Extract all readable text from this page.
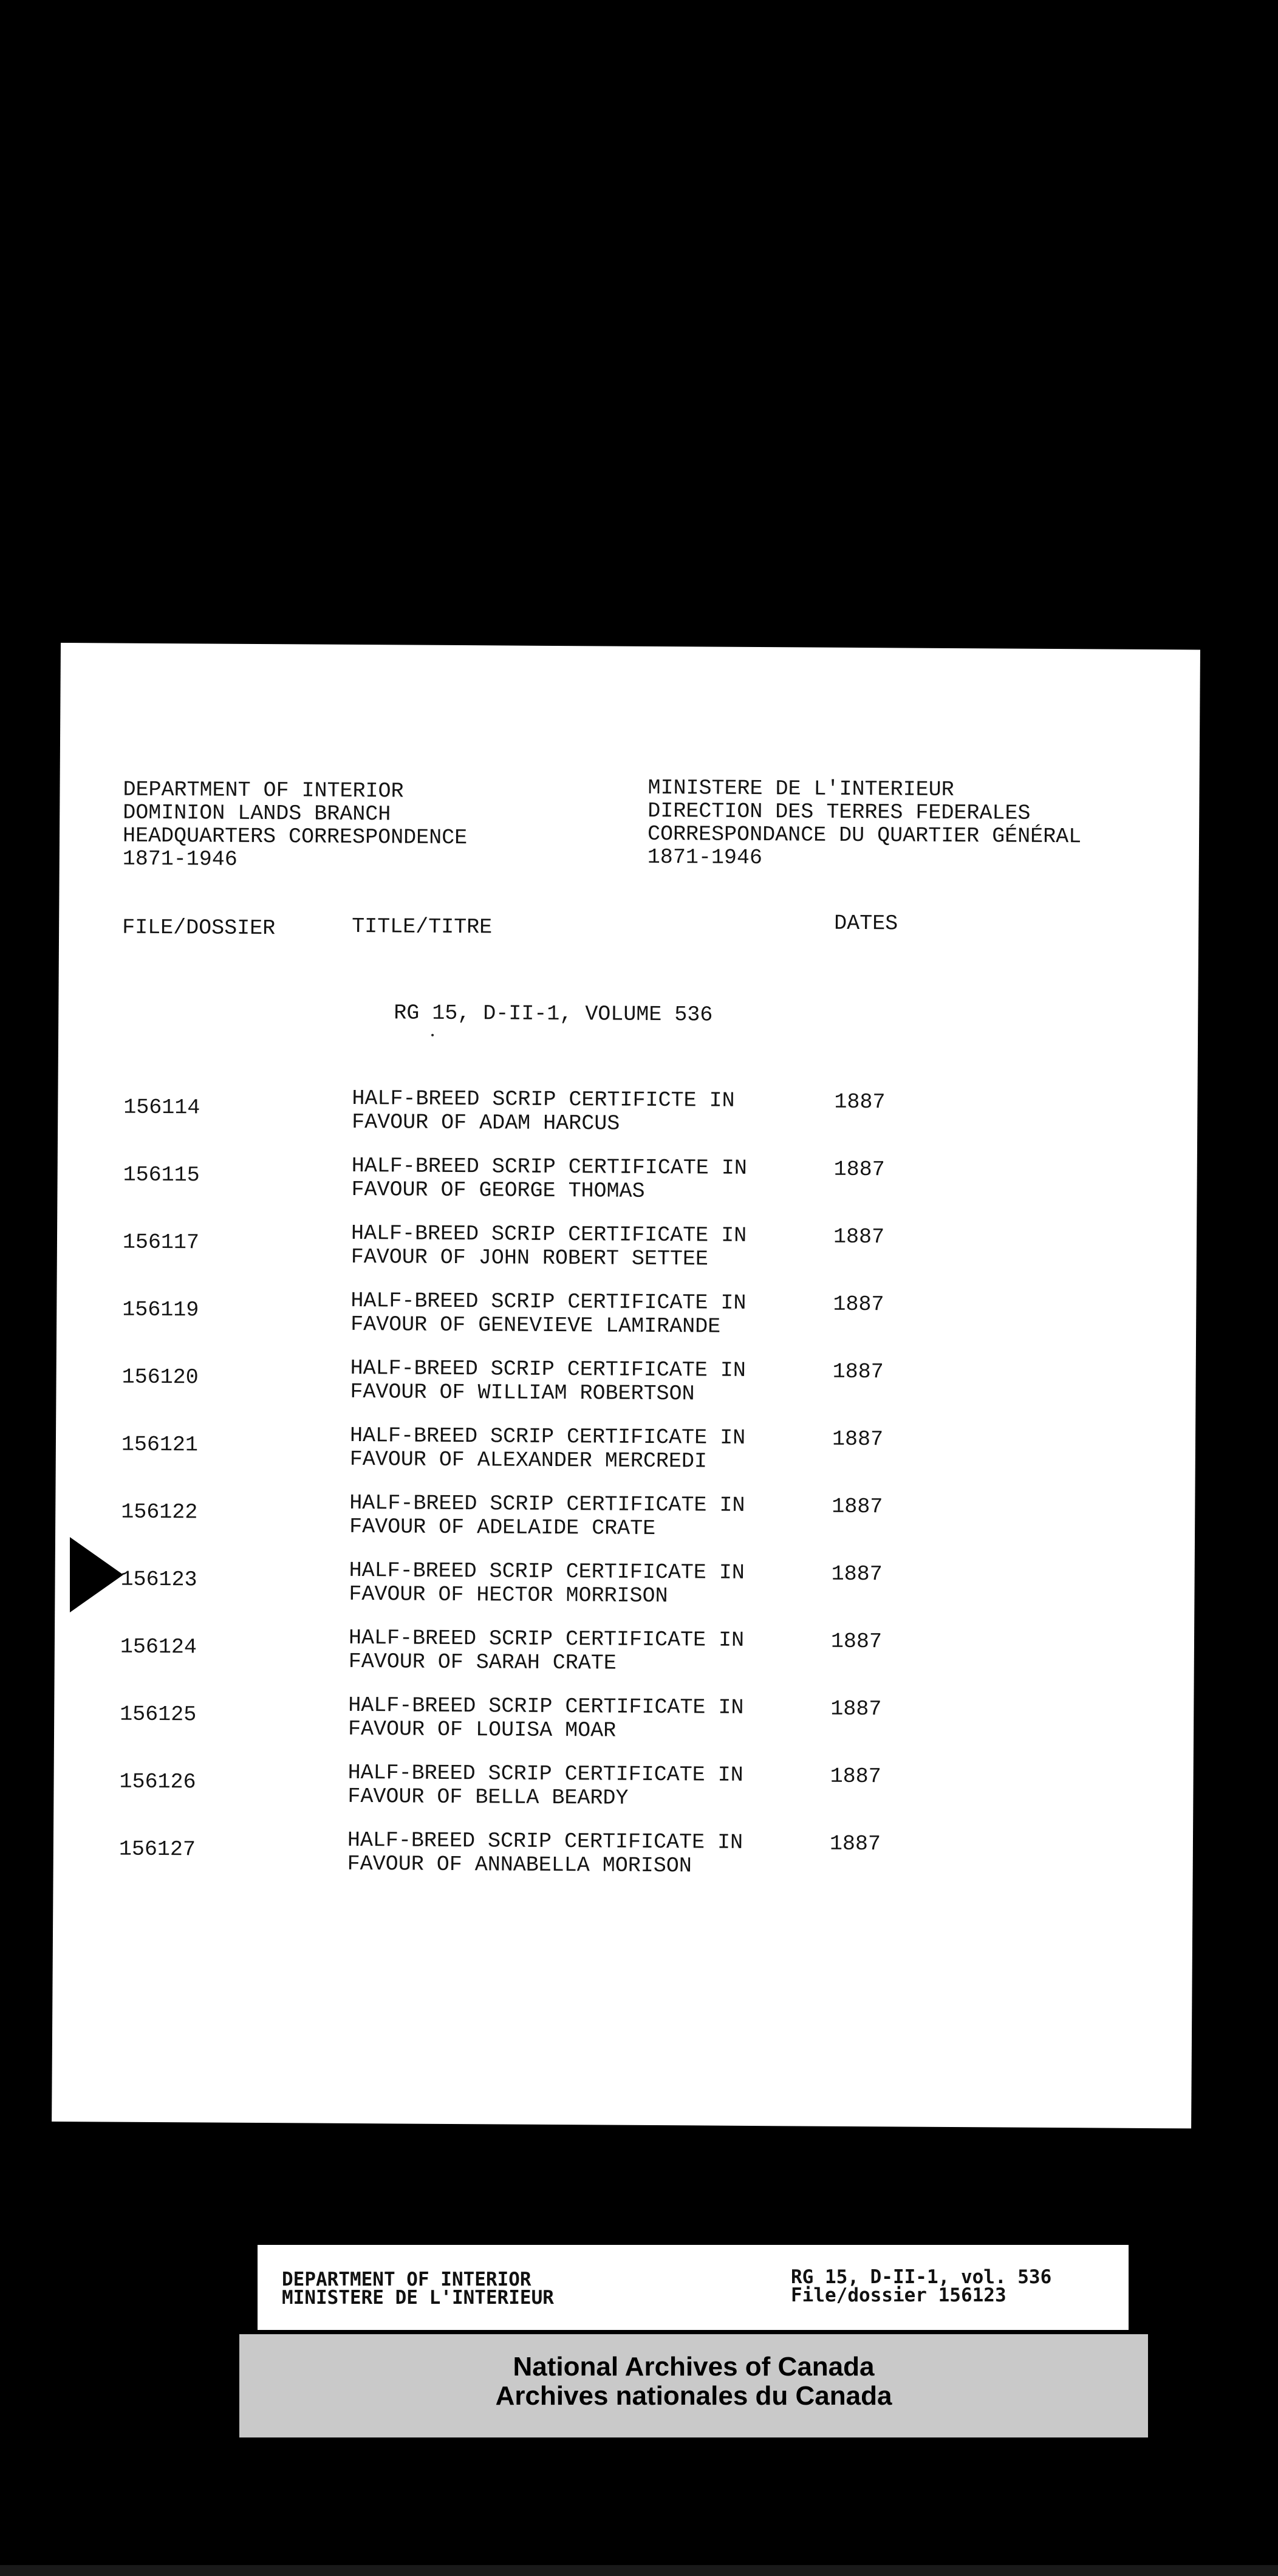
DEPARTMENT OF INTERIOR
DOMINION LANDS BRANCH
HEADQUARTERS CORRESPONDENCE
1871-1946
MINISTERE DE L'INTERIEUR
DIRECTION DES TERRES FEDERALES
CORRESPONDANCE DU QUARTIER GÉNÉRAL
1871-1946
FILE/DOSSIER	TITLE/TITRE	DATES
RG 15, D-II-1, VOLUME 536
156114	HALF-BREED SCRIP CERTIFICTE IN
FAVOUR OF ADAM HARCUS
1887
156115	HALF-BREED SCRIP CERTIFICATE IN
FAVOUR OF GEORGE THOMAS
1887
156117	HALF-BREED SCRIP CERTIFICATE IN
FAVOUR OF JOHN ROBERT SETTEE
1887
156119	HALF-BREED SCRIP CERTIFICATE IN
FAVOUR OF GENEVIEVE LAMIRANDE
1887
156120	HALF-BREED SCRIP CERTIFICATE IN
FAVOUR OF WILLIAM ROBERTSON
1887
156121	HALF-BREED SCRIP CERTIFICATE IN
FAVOUR OF ALEXANDER MERCREDI
1887
156122	HALF-BREED SCRIP CERTIFICATE IN
FAVOUR OF ADELAIDE CRATE
1887
156123	HALF-BREED SCRIP CERTIFICATE IN
FAVOUR OF HECTOR MORRISON
1887
156124	HALF-BREED SCRIP CERTIFICATE IN
FAVOUR OF SARAH CRATE
1887
156125	HALF-BREED SCRIP CERTIFICATE IN
FAVOUR OF LOUISA MOAR
1887
156126	HALF-BREED SCRIP CERTIFICATE IN
FAVOUR OF BELLA BEARDY
1887
156127	HALF-BREED SCRIP CERTIFICATE IN
FAVOUR OF ANNABELLA MORISON
1887
DEPARTMENT OF INTERIOR
MINISTERE DE L'INTERIEUR
RG 15, D-II-1, vol. 536
File/dossier 156123
National Archives of Canada
Archives nationales du Canada
